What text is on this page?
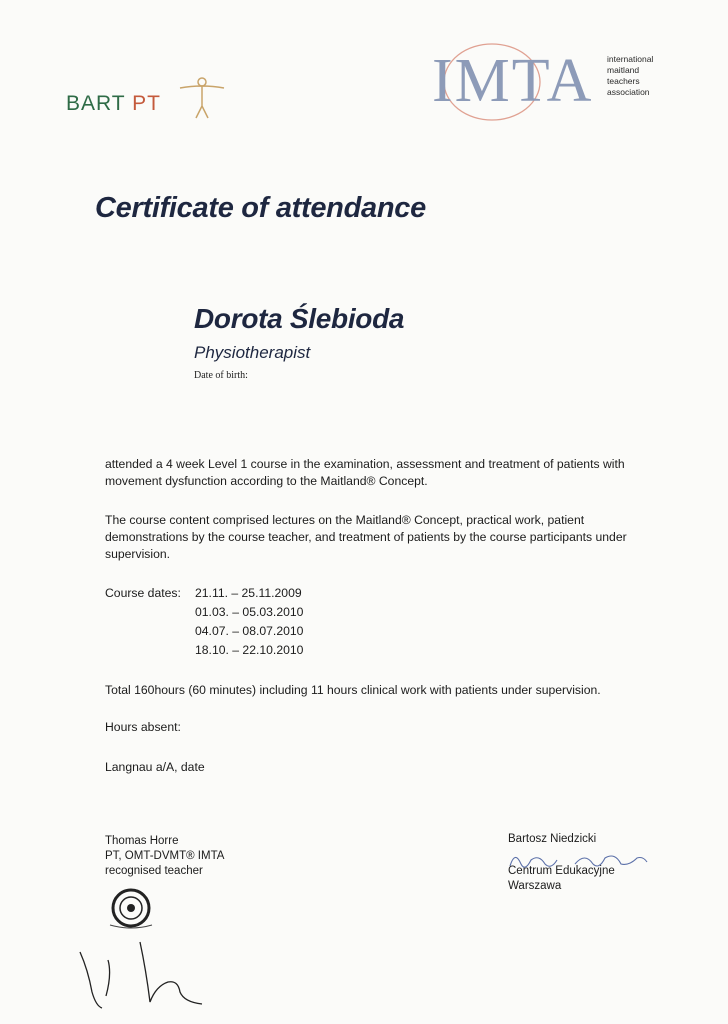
BART PT	IMTA international
maitland
teachers
association
Certificate of attendance
Dorota Ślebioda
Physiotherapist
Date of birth:
attended a 4 week Level 1 course in the examination, assessment and treatment of patients with movement dysfunction according to the Maitland® Concept.
The course content comprised lectures on the Maitland® Concept, practical work, patient demonstrations by the course teacher, and treatment of patients by the course participants under supervision.
Course dates: 21.11. – 25.11.2009
01.03. – 05.03.2010
04.07. – 08.07.2010
18.10. – 22.10.2010
Total 160hours (60 minutes) including 11 hours clinical work with patients under supervision.
Hours absent:
Langnau a/A, date
Thomas Horre
PT, OMT-DVMT® IMTA
recognised teacher
Bartosz Niedzicki
Centrum Edukacyjne
Warszawa
